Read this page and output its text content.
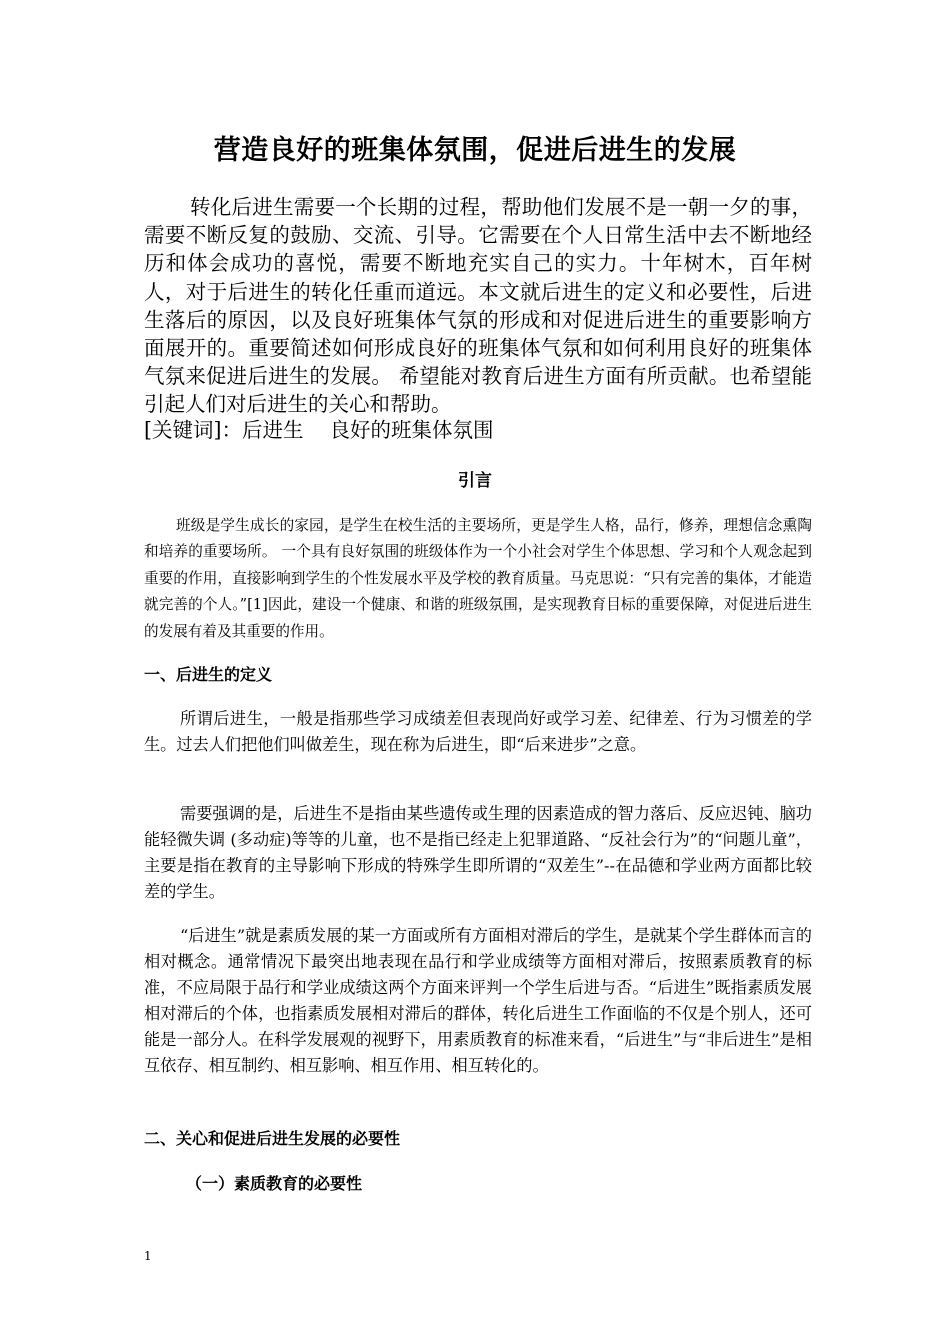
营造良好的班集体氛围，促进后进生的发展

转化后进生需要一个长期的过程，帮助他们发展不是一朝一夕的事，需要不断反复的鼓励、交流、引导。它需要在个人日常生活中去不断地经历和体会成功的喜悦，需要不断地充实自己的实力。十年树木，百年树人，对于后进生的转化任重而道远。本文就后进生的定义和必要性，后进生落后的原因，以及良好班集体气氛的形成和对促进后进生的重要影响方面展开的。重要简述如何形成良好的班集体气氛和如何利用良好的班集体气氛来促进后进生的发展。 希望能对教育后进生方面有所贡献。也希望能引起人们对后进生的关心和帮助。

[关键词]：后进生    良好的班集体氛围
引言

班级是学生成长的家园，是学生在校生活的主要场所，更是学生人格，品行，修养，理想信念熏陶和培养的重要场所。 一个具有良好氛围的班级体作为一个小社会对学生个体思想、学习和个人观念起到重要的作用，直接影响到学生的个性发展水平及学校的教育质量。马克思说：“只有完善的集体，才能造就完善的个人。”[1]因此，建设一个健康、和谐的班级氛围，是实现教育目标的重要保障，对促进后进生的发展有着及其重要的作用。

一、后进生的定义

所谓后进生，一般是指那些学习成绩差但表现尚好或学习差、纪律差、行为习惯差的学生。过去人们把他们叫做差生，现在称为后进生，即“后来进步”之意。

需要强调的是，后进生不是指由某些遗传或生理的因素造成的智力落后、反应迟钝、脑功能轻微失调 (多动症)等等的儿童，也不是指已经走上犯罪道路、“反社会行为”的“问题儿童”，主要是指在教育的主导影响下形成的特殊学生即所谓的“双差生”--在品德和学业两方面都比较差的学生。

“后进生”就是素质发展的某一方面或所有方面相对滞后的学生，是就某个学生群体而言的相对概念。通常情况下最突出地表现在品行和学业成绩等方面相对滞后，按照素质教育的标准，不应局限于品行和学业成绩这两个方面来评判一个学生后进与否。“后进生”既指素质发展相对滞后的个体，也指素质发展相对滞后的群体，转化后进生工作面临的不仅是个别人，还可能是一部分人。在科学发展观的视野下，用素质教育的标准来看，“后进生”与“非后进生”是相互依存、相互制约、相互影响、相互作用、相互转化的。

二、关心和促进后进生发展的必要性
（一）素质教育的必要性
1
